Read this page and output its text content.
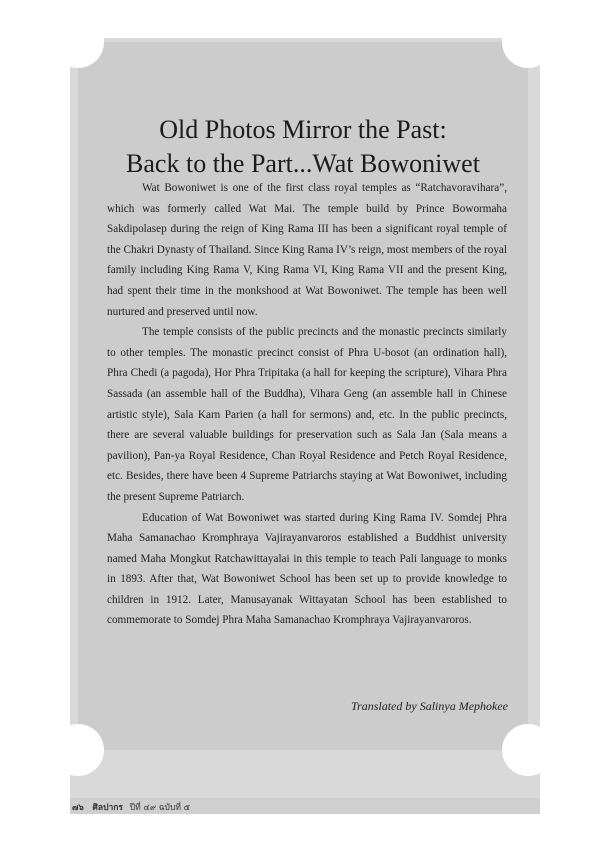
Old Photos Mirror the Past:
Back to the Part...Wat Bowoniwet

Wat Bowoniwet is one of the first class royal temples as “Ratchavoravihara”, which was formerly called Wat Mai. The temple build by Prince Bowormaha Sakdipolasep during the reign of King Rama III has been a significant royal temple of the Chakri Dynasty of Thailand. Since King Rama IV’s reign, most members of the royal family including King Rama V, King Rama VI, King Rama VII and the present King, had spent their time in the monkshood at Wat Bowoniwet. The temple has been well nurtured and preserved until now.

The temple consists of the public precincts and the monastic precincts similarly to other temples. The monastic precinct consist of Phra U-bosot (an ordination hall), Phra Chedi (a pagoda), Hor Phra Tripitaka (a hall for keeping the scripture), Vihara Phra Sassada (an assemble hall of the Buddha), Vihara Geng (an assemble hall in Chinese artistic style), Sala Karn Parien (a hall for sermons) and, etc. In the public precincts, there are several valuable buildings for preservation such as Sala Jan (Sala means a pavilion), Pan-ya Royal Residence, Chan Royal Residence and Petch Royal Residence, etc. Besides, there have been 4 Supreme Patriarchs staying at Wat Bowoniwet, including the present Supreme Patriarch.

Education of Wat Bowoniwet was started during King Rama IV. Somdej Phra Maha Samanachao Kromphraya Vajirayanvaroros established a Buddhist university named Maha Mongkut Ratchawittayalai in this temple to teach Pali language to monks in 1893. After that, Wat Bowoniwet School has been set up to provide knowledge to children in 1912. Later, Manusayanak Wittayatan School has been established to commemorate to Somdej Phra Maha Samanachao Kromphraya Vajirayanvaroros.

Translated by Salinya Mephokee
๗๖ ศิลปากร ปีที่ ๔๙ ฉบับที่ ๕
